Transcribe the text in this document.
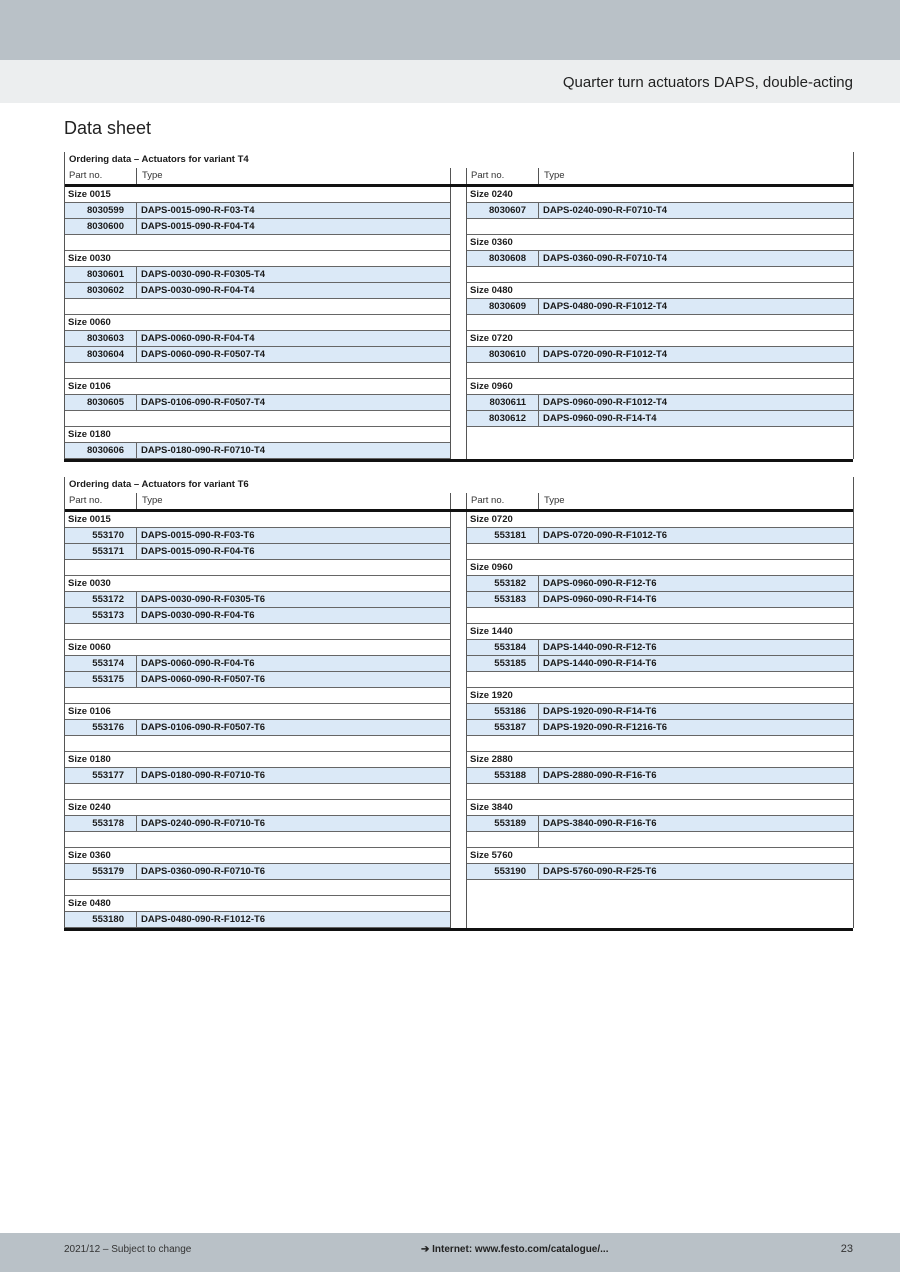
Quarter turn actuators DAPS, double-acting
Data sheet
Ordering data – Actuators for variant T4
Part no.	Type	Part no.	Type
Size 0015
8030599 DAPS-0015-090-R-F03-T4
8030600 DAPS-0015-090-R-F04-T4
Size 0030
8030601 DAPS-0030-090-R-F0305-T4
8030602 DAPS-0030-090-R-F04-T4
Size 0060
8030603 DAPS-0060-090-R-F04-T4
8030604 DAPS-0060-090-R-F0507-T4
Size 0106
8030605 DAPS-0106-090-R-F0507-T4
Size 0180
8030606 DAPS-0180-090-R-F0710-T4
Size 0240
8030607 DAPS-0240-090-R-F0710-T4
Size 0360
8030608 DAPS-0360-090-R-F0710-T4
Size 0480
8030609 DAPS-0480-090-R-F1012-T4
Size 0720
8030610 DAPS-0720-090-R-F1012-T4
Size 0960
8030611 DAPS-0960-090-R-F1012-T4
8030612 DAPS-0960-090-R-F14-T4
Ordering data – Actuators for variant T6
Part no.	Type	Part no.	Type
Size 0015
553170 DAPS-0015-090-R-F03-T6
553171 DAPS-0015-090-R-F04-T6
Size 0030
553172 DAPS-0030-090-R-F0305-T6
553173 DAPS-0030-090-R-F04-T6
Size 0060
553174 DAPS-0060-090-R-F04-T6
553175 DAPS-0060-090-R-F0507-T6
Size 0106
553176 DAPS-0106-090-R-F0507-T6
Size 0180
553177 DAPS-0180-090-R-F0710-T6
Size 0240
553178 DAPS-0240-090-R-F0710-T6
Size 0360
553179 DAPS-0360-090-R-F0710-T6
Size 0480
553180 DAPS-0480-090-R-F1012-T6
Size 0720
553181 DAPS-0720-090-R-F1012-T6
Size 0960
553182 DAPS-0960-090-R-F12-T6
553183 DAPS-0960-090-R-F14-T6
Size 1440
553184 DAPS-1440-090-R-F12-T6
553185 DAPS-1440-090-R-F14-T6
Size 1920
553186 DAPS-1920-090-R-F14-T6
553187 DAPS-1920-090-R-F1216-T6
Size 2880
553188 DAPS-2880-090-R-F16-T6
Size 3840
553189 DAPS-3840-090-R-F16-T6
Size 5760
553190 DAPS-5760-090-R-F25-T6
2021/12 – Subject to change	➔ Internet: www.festo.com/catalogue/...	23
